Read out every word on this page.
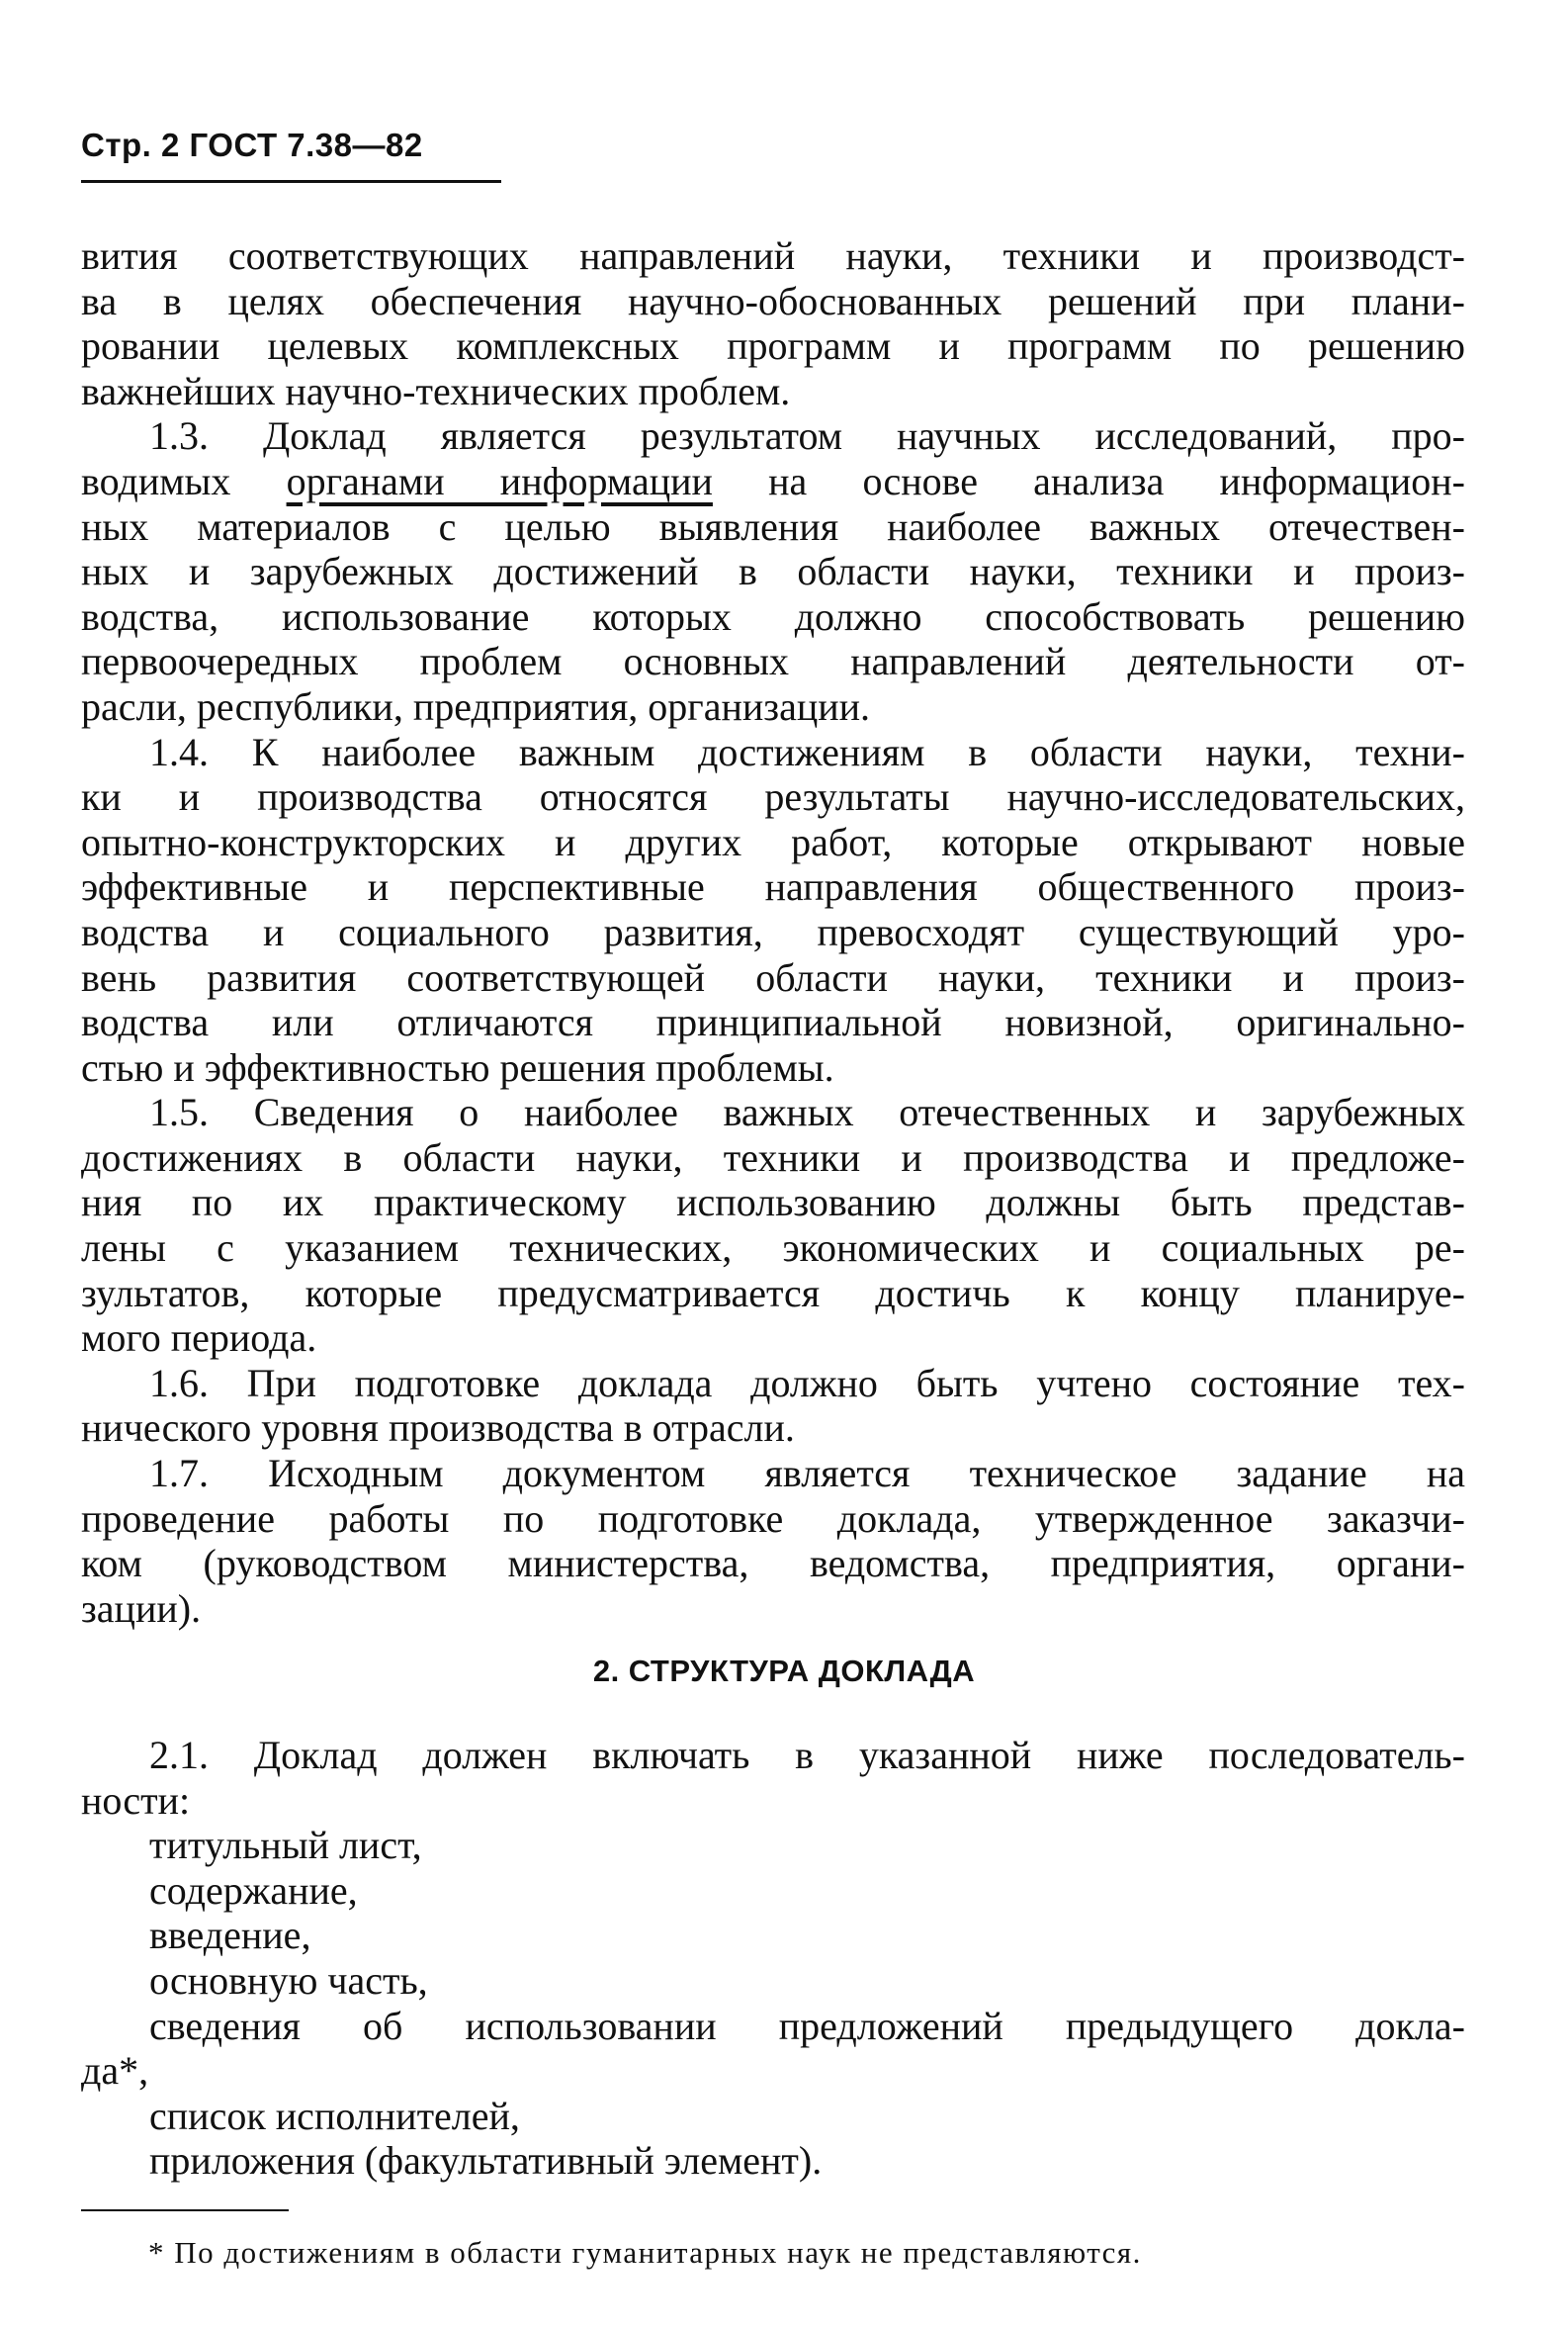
Стр. 2 ГОСТ 7.38—82
вития соответствующих направлений науки, техники и производст-
ва в целях обеспечения научно-обоснованных решений при плани-
ровании целевых комплексных программ и программ по решению
важнейших научно-технических проблем.
1.3. Доклад является результатом научных исследований, про-
водимых органами информации на основе анализа информацион-
ных материалов с целью выявления наиболее важных отечествен-
ных и зарубежных достижений в области науки, техники и произ-
водства, использование которых должно способствовать решению
первоочередных проблем основных направлений деятельности от-
расли, республики, предприятия, организации.
1.4. К наиболее важным достижениям в области науки, техни-
ки и производства относятся результаты научно-исследовательских,
опытно-конструкторских и других работ, которые открывают новые
эффективные и перспективные направления общественного произ-
водства и социального развития, превосходят существующий уро-
вень развития соответствующей области науки, техники и произ-
водства или отличаются принципиальной новизной, оригинально-
стью и эффективностью решения проблемы.
1.5. Сведения о наиболее важных отечественных и зарубежных
достижениях в области науки, техники и производства и предложе-
ния по их практическому использованию должны быть представ-
лены с указанием технических, экономических и социальных ре-
зультатов, которые предусматривается достичь к концу планируе-
мого периода.
1.6. При подготовке доклада должно быть учтено состояние тех-
нического уровня производства в отрасли.
1.7. Исходным документом является техническое задание на
проведение работы по подготовке доклада, утвержденное заказчи-
ком (руководством министерства, ведомства, предприятия, органи-
зации).
2. СТРУКТУРА ДОКЛАДА
2.1. Доклад должен включать в указанной ниже последователь-
ности:
титульный лист,
содержание,
введение,
основную часть,
сведения об использовании предложений предыдущего докла-
да*,
список исполнителей,
приложения (факультативный элемент).
* По достижениям в области гуманитарных наук не представляются.
